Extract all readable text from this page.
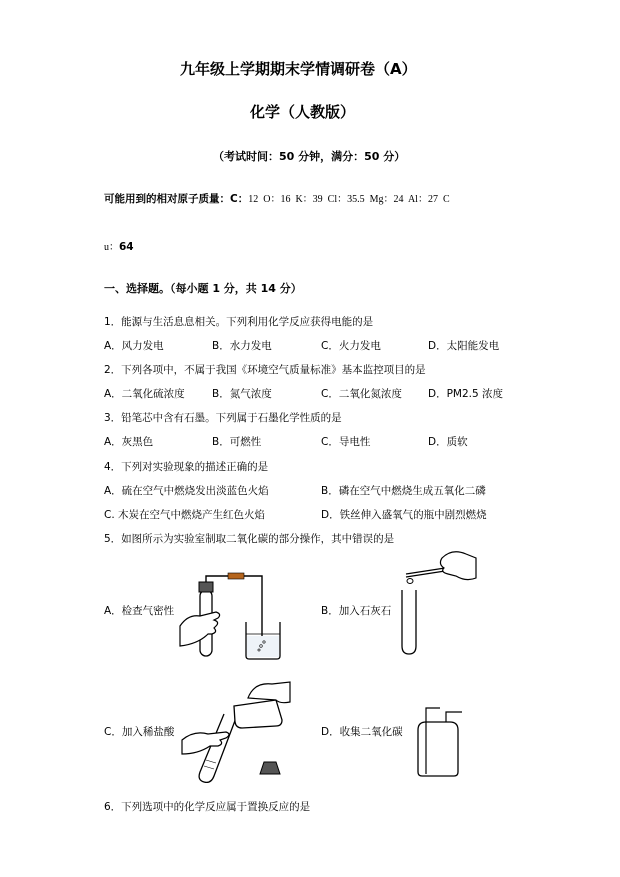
九年级上学期期末学情调研卷（A）
化学（人教版）
（考试时间：50 分钟，满分：50 分）
可能用到的相对原子质量：C：12  O：16  K：39  Cl：35.5  Mg：24  Al：27  C
u：64
一、选择题。（每小题 1 分，共 14 分）
1．能源与生活息息相关。下列利用化学反应获得电能的是
A．风力发电	B．水力发电	C．火力发电	D．太阳能发电
2．下列各项中，不属于我国《环境空气质量标准》基本监控项目的是
A．二氧化硫浓度	B．氮气浓度	C．二氧化氮浓度 D．PM2.5 浓度
3．铅笔芯中含有石墨。下列属于石墨化学性质的是
A．灰黑色	B．可燃性	C．导电性	D．质软
4．下列对实验现象的描述正确的是
A．硫在空气中燃烧发出淡蓝色火焰	B．磷在空气中燃烧生成五氧化二磷
C. 木炭在空气中燃烧产生红色火焰	D．铁丝伸入盛氧气的瓶中剧烈燃烧
5．如图所示为实验室制取二氧化碳的部分操作，其中错误的是
A．检查气密性	B．加入石灰石
C．加入稀盐酸	D．收集二氧化碳
6．下列选项中的化学反应属于置换反应的是
